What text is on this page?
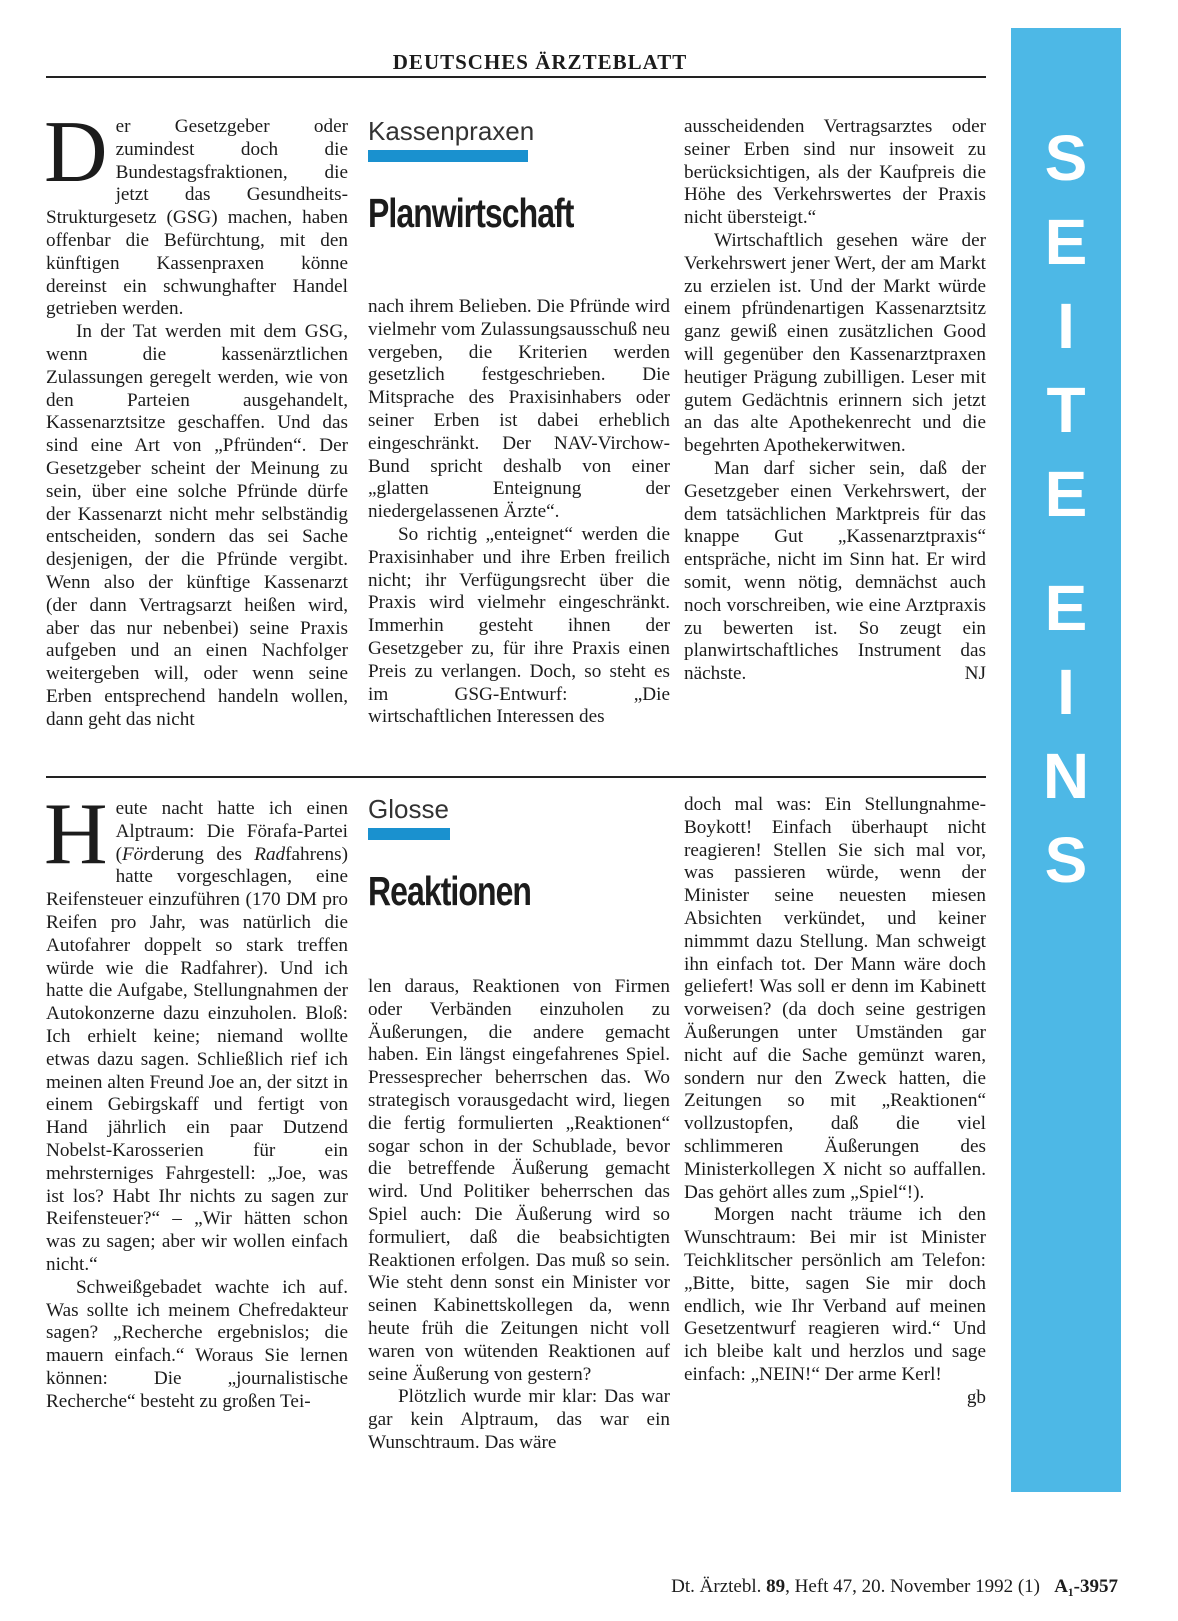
DEUTSCHES ÄRZTEBLATT
S
E
I
T
E
E
I
N
S

Der Gesetzgeber oder zumindest doch die Bundestagsfraktionen, die jetzt das Gesundheits-Strukturgesetz (GSG) machen, haben offenbar die Befürchtung, mit den künftigen Kassenpraxen könne dereinst ein schwunghafter Handel getrieben werden.

In der Tat werden mit dem GSG, wenn die kassenärztlichen Zulassungen geregelt werden, wie von den Parteien ausgehandelt, Kassenarztsitze geschaffen. Und das sind eine Art von „Pfründen“. Der Gesetzgeber scheint der Meinung zu sein, über eine solche Pfründe dürfe der Kassenarzt nicht mehr selbständig entscheiden, sondern das sei Sache desjenigen, der die Pfründe vergibt. Wenn also der künftige Kassenarzt (der dann Vertragsarzt heißen wird, aber das nur nebenbei) seine Praxis aufgeben und an einen Nachfolger weitergeben will, oder wenn seine Erben entsprechend handeln wollen, dann geht das nicht

Kassenpraxen
Planwirtschaft

nach ihrem Belieben. Die Pfründe wird vielmehr vom Zulassungsausschuß neu vergeben, die Kriterien werden gesetzlich festgeschrieben. Die Mitsprache des Praxisinhabers oder seiner Erben ist dabei erheblich eingeschränkt. Der NAV-Virchow-Bund spricht deshalb von einer „glatten Enteignung der niedergelassenen Ärzte“.

So richtig „enteignet“ werden die Praxisinhaber und ihre Erben freilich nicht; ihr Verfügungsrecht über die Praxis wird vielmehr eingeschränkt. Immerhin gesteht ihnen der Gesetzgeber zu, für ihre Praxis einen Preis zu verlangen. Doch, so steht es im GSG-Entwurf: „Die wirtschaftlichen Interessen des

ausscheidenden Vertragsarztes oder seiner Erben sind nur insoweit zu berücksichtigen, als der Kaufpreis die Höhe des Verkehrswertes der Praxis nicht übersteigt.“

Wirtschaftlich gesehen wäre der Verkehrswert jener Wert, der am Markt zu erzielen ist. Und der Markt würde einem pfründenartigen Kassenarztsitz ganz gewiß einen zusätzlichen Good will gegenüber den Kassenarztpraxen heutiger Prägung zubilligen. Leser mit gutem Gedächtnis erinnern sich jetzt an das alte Apothekenrecht und die begehrten Apothekerwitwen.

Man darf sicher sein, daß der Gesetzgeber einen Verkehrswert, der dem tatsächlichen Marktpreis für das knappe Gut „Kassenarztpraxis“ entspräche, nicht im Sinn hat. Er wird somit, wenn nötig, demnächst auch noch vorschreiben, wie eine Arztpraxis zu bewerten ist. So zeugt ein planwirtschaftliches Instrument das nächste.	NJ

Heute nacht hatte ich einen Alptraum: Die Förafa-Partei (Förderung des Radfahrens) hatte vorgeschlagen, eine Reifensteuer einzuführen (170 DM pro Reifen pro Jahr, was natürlich die Autofahrer doppelt so stark treffen würde wie die Radfahrer). Und ich hatte die Aufgabe, Stellungnahmen der Autokonzerne dazu einzuholen. Bloß: Ich erhielt keine; niemand wollte etwas dazu sagen. Schließlich rief ich meinen alten Freund Joe an, der sitzt in einem Gebirgskaff und fertigt von Hand jährlich ein paar Dutzend Nobelst-Karosserien für ein mehrsterniges Fahrgestell: „Joe, was ist los? Habt Ihr nichts zu sagen zur Reifensteuer?“ – „Wir hätten schon was zu sagen; aber wir wollen einfach nicht.“

Schweißgebadet wachte ich auf. Was sollte ich meinem Chefredakteur sagen? „Recherche ergebnislos; die mauern einfach.“ Woraus Sie lernen können: Die „journalistische Recherche“ besteht zu großen Tei-

Glosse
Reaktionen

len daraus, Reaktionen von Firmen oder Verbänden einzuholen zu Äußerungen, die andere gemacht haben. Ein längst eingefahrenes Spiel. Pressesprecher beherrschen das. Wo strategisch vorausgedacht wird, liegen die fertig formulierten „Reaktionen“ sogar schon in der Schublade, bevor die betreffende Äußerung gemacht wird. Und Politiker beherrschen das Spiel auch: Die Äußerung wird so formuliert, daß die beabsichtigten Reaktionen erfolgen. Das muß so sein. Wie steht denn sonst ein Minister vor seinen Kabinettskollegen da, wenn heute früh die Zeitungen nicht voll waren von wütenden Reaktionen auf seine Äußerung von gestern?

Plötzlich wurde mir klar: Das war gar kein Alptraum, das war ein Wunschtraum. Das wäre

doch mal was: Ein Stellungnahme-Boykott! Einfach überhaupt nicht reagieren! Stellen Sie sich mal vor, was passieren würde, wenn der Minister seine neuesten miesen Absichten verkündet, und keiner nimmmt dazu Stellung. Man schweigt ihn einfach tot. Der Mann wäre doch geliefert! Was soll er denn im Kabinett vorweisen? (da doch seine gestrigen Äußerungen unter Umständen gar nicht auf die Sache gemünzt waren, sondern nur den Zweck hatten, die Zeitungen so mit „Reaktionen“ vollzustopfen, daß die viel schlimmeren Äußerungen des Ministerkollegen X nicht so auffallen. Das gehört alles zum „Spiel“!).

Morgen nacht träume ich den Wunschtraum: Bei mir ist Minister Teichklitscher persönlich am Telefon: „Bitte, bitte, sagen Sie mir doch endlich, wie Ihr Verband auf meinen Gesetzentwurf reagieren wird.“ Und ich bleibe kalt und herzlos und sage einfach: „NEIN!“ Der arme Kerl!
gb

Dt. Ärztebl. 89, Heft 47, 20. November 1992 (1) A₁-3957
